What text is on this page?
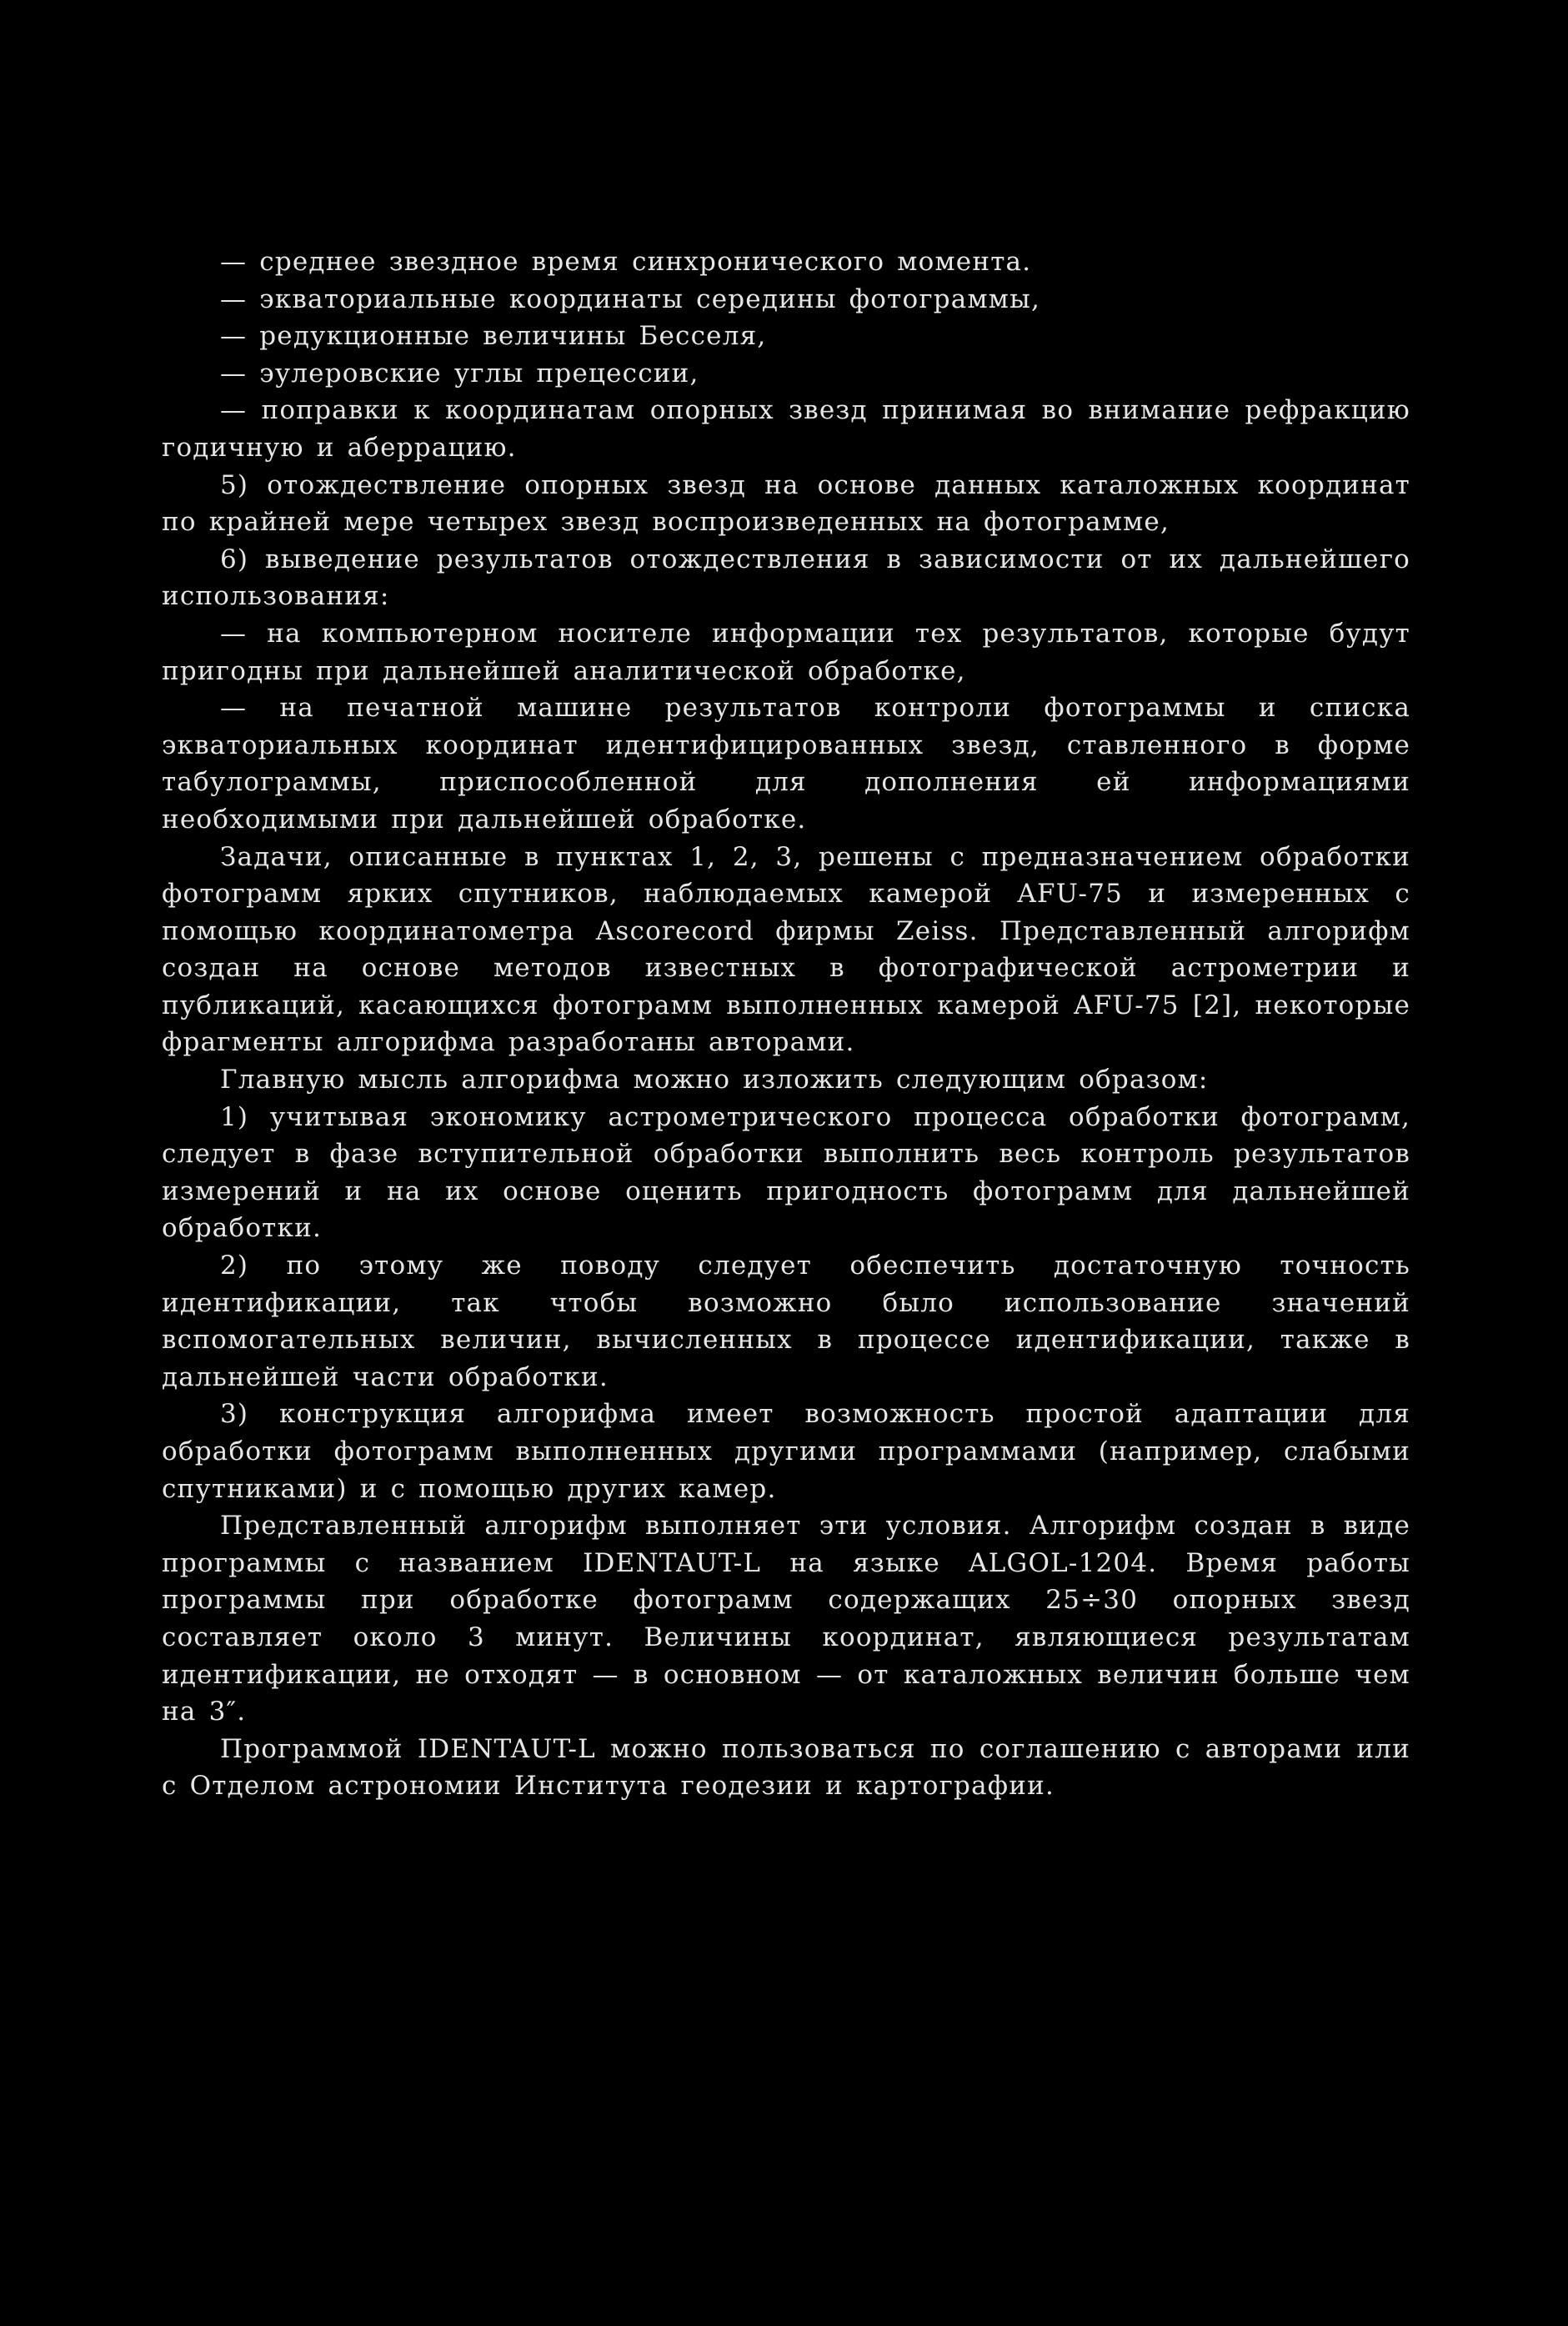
— среднее звездное время синхронического момента.

— экваториальные координаты середины фотограммы,

— редукционные величины Бесселя,

— эулеровские углы прецессии,

— поправки к координатам опорных звезд принимая во внимание рефракцию годичную и аберрацию.

5) отождествление опорных звезд на основе данных каталожных координат по крайней мере четырех звезд воспроизведенных на фотограмме,

6) выведение результатов отождествления в зависимости от их дальнейшего использования:

— на компьютерном носителе информации тех результатов, которые будут пригодны при дальнейшей аналитической обработке,

— на печатной машине результатов контроли фотограммы и списка экваториальных координат идентифицированных звезд, ставленного в форме табулограммы, приспособленной для дополнения ей информациями необходимыми при дальнейшей обработке.

Задачи, описанные в пунктах 1, 2, 3, решены с предназначением обработки фотограмм ярких спутников, наблюдаемых камерой AFU-75 и измеренных с помощью координатометра Ascorecord фирмы Zeiss. Представленный алгорифм создан на основе методов известных в фотографической астрометрии и публикаций, касающихся фотограмм выполненных камерой AFU-75 [2], некоторые фрагменты алгорифма разработаны авторами.

Главную мысль алгорифма можно изложить следующим образом:

1) учитывая экономику астрометрического процесса обработки фотограмм, следует в фазе вступительной обработки выполнить весь контроль результатов измерений и на их основе оценить пригодность фотограмм для дальнейшей обработки.

2) по этому же поводу следует обеспечить достаточную точность идентификации, так чтобы возможно было использование значений вспомогательных величин, вычисленных в процессе идентификации, также в дальнейшей части обработки.

3) конструкция алгорифма имеет возможность простой адаптации для обработки фотограмм выполненных другими программами (например, слабыми спутниками) и с помощью других камер.

Представленный алгорифм выполняет эти условия. Алгорифм создан в виде программы с названием IDENTAUT-L на языке ALGOL-1204. Время работы программы при обработке фотограмм содержащих 25÷30 опорных звезд составляет около 3 минут. Величины координат, являющиеся результатам идентификации, не отходят — в основном — от каталожных величин больше чем на 3″.

Программой IDENTAUT-L можно пользоваться по соглашению с авторами или с Отделом астрономии Института геодезии и картографии.
